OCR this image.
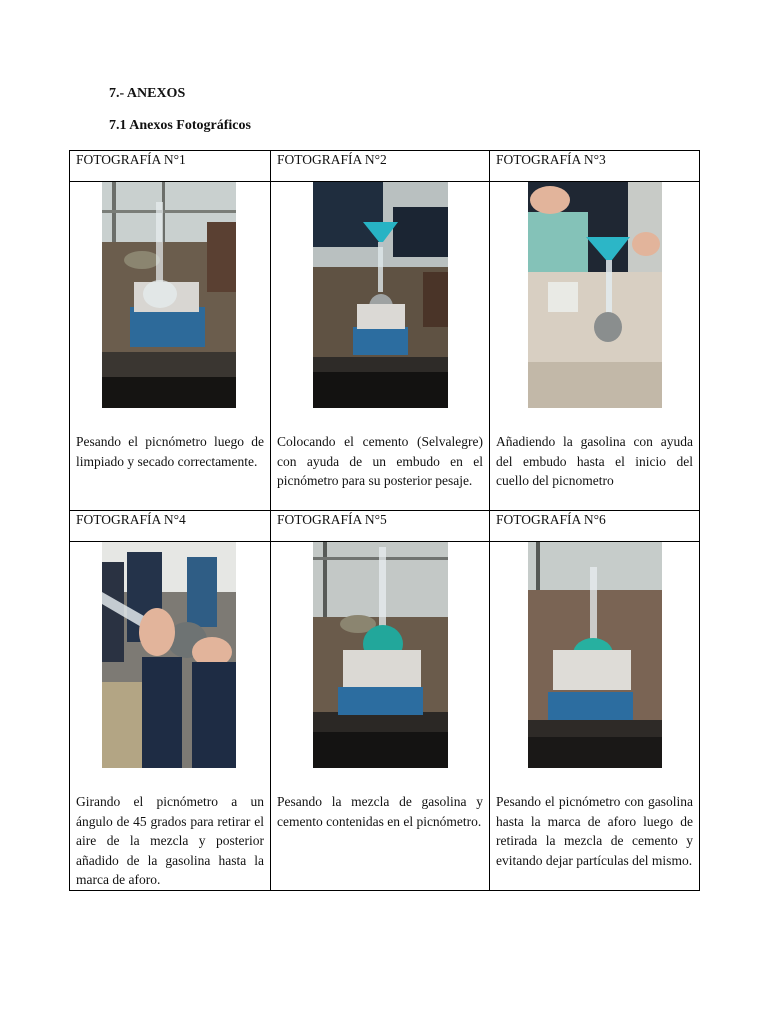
7.- ANEXOS
7.1 Anexos Fotográficos
FOTOGRAFÍA N°1	FOTOGRAFÍA N°2	FOTOGRAFÍA N°3

Pesando el picnómetro luego de limpiado y secado correctamente.	Colocando el cemento (Selvalegre) con ayuda de un embudo en el picnómetro para su posterior pesaje.	Añadiendo la gasolina con ayuda del embudo hasta el inicio del cuello del picnometro

FOTOGRAFÍA N°4	FOTOGRAFÍA N°5	FOTOGRAFÍA N°6

Girando el picnómetro a un ángulo de 45 grados para retirar el aire de la mezcla y posterior añadido de la gasolina hasta la marca de aforo.	Pesando la mezcla de gasolina y cemento contenidas en el picnómetro.	Pesando el picnómetro con gasolina hasta la marca de aforo luego de retirada la mezcla de cemento y evitando dejar partículas del mismo.
